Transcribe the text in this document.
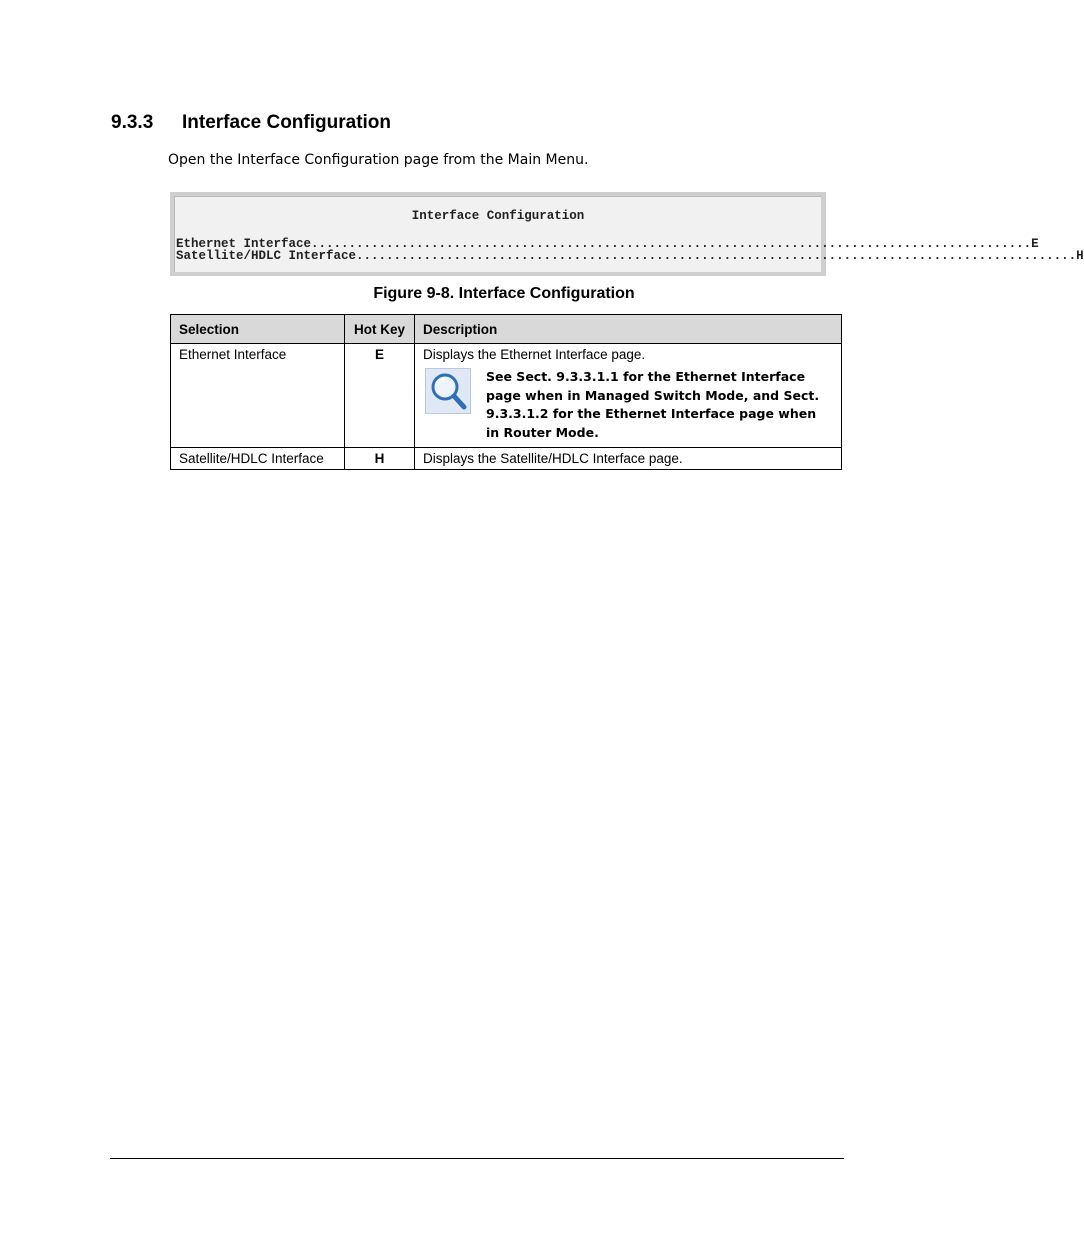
9.3.3	Interface Configuration
Open the Interface Configuration page from the Main Menu.
Interface Configuration
Ethernet Interface ................................................................................................ E
Satellite/HDLC Interface ................................................................................................ H
Figure 9-8. Interface Configuration
Selection	Hot Key	Description
Ethernet Interface	E	Displays the Ethernet Interface page.
See Sect. 9.3.3.1.1 for the Ethernet Interface page when in Managed Switch Mode, and Sect. 9.3.3.1.2 for the Ethernet Interface page when in Router Mode.

Satellite/HDLC Interface	H	Displays the Satellite/HDLC Interface page.
